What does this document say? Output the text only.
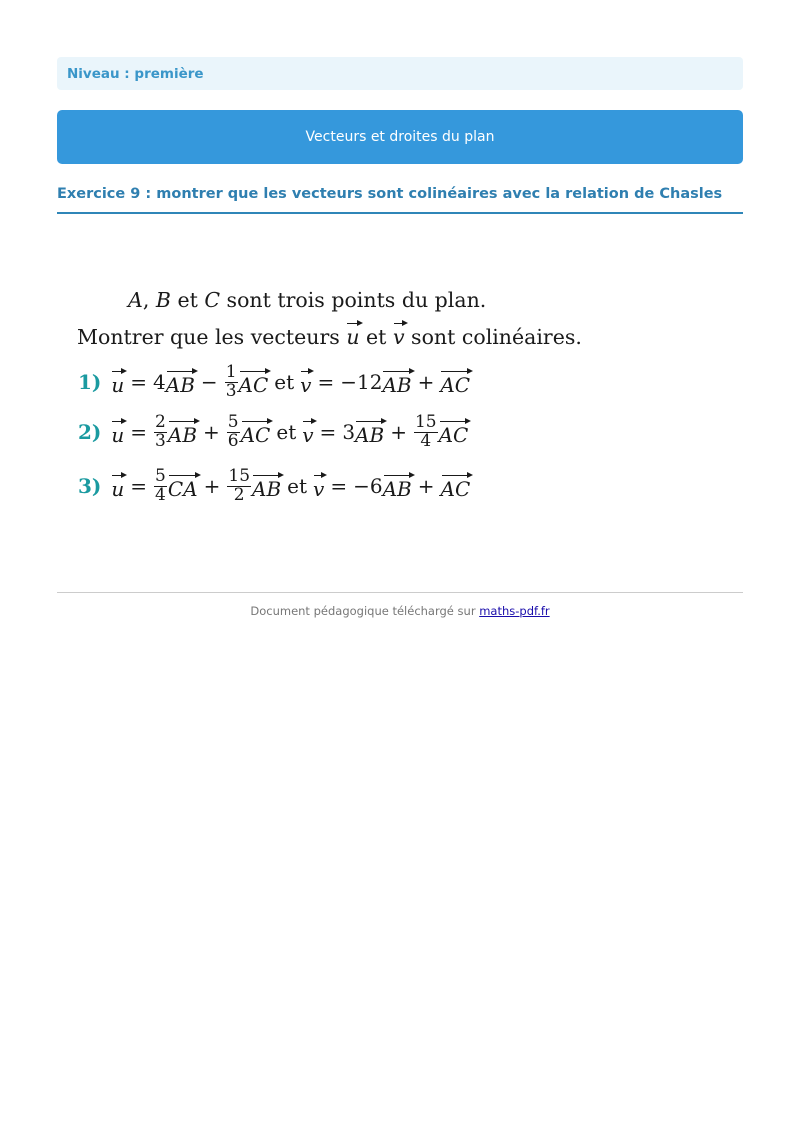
Niveau : première
Vecteurs et droites du plan
Exercice 9 : montrer que les vecteurs sont colinéaires avec la relation de Chasles
A, B et C sont trois points du plan.
Montrer que les vecteurs u et v sont colinéaires.
1) u = 4 AB − $\frac{1}{3}$ AC et v = −12 AB + AC
2) $u = \frac{2}{3}$ AB + $\frac{5}{6}$ AC et v = 3 AB + $\frac{15}{4}$ AC
3) $u = \frac{5}{4}$ CA + $\frac{15}{2}$ AB et v = −6 AB + AC
Document pédagogique téléchargé sur maths-pdf.fr
